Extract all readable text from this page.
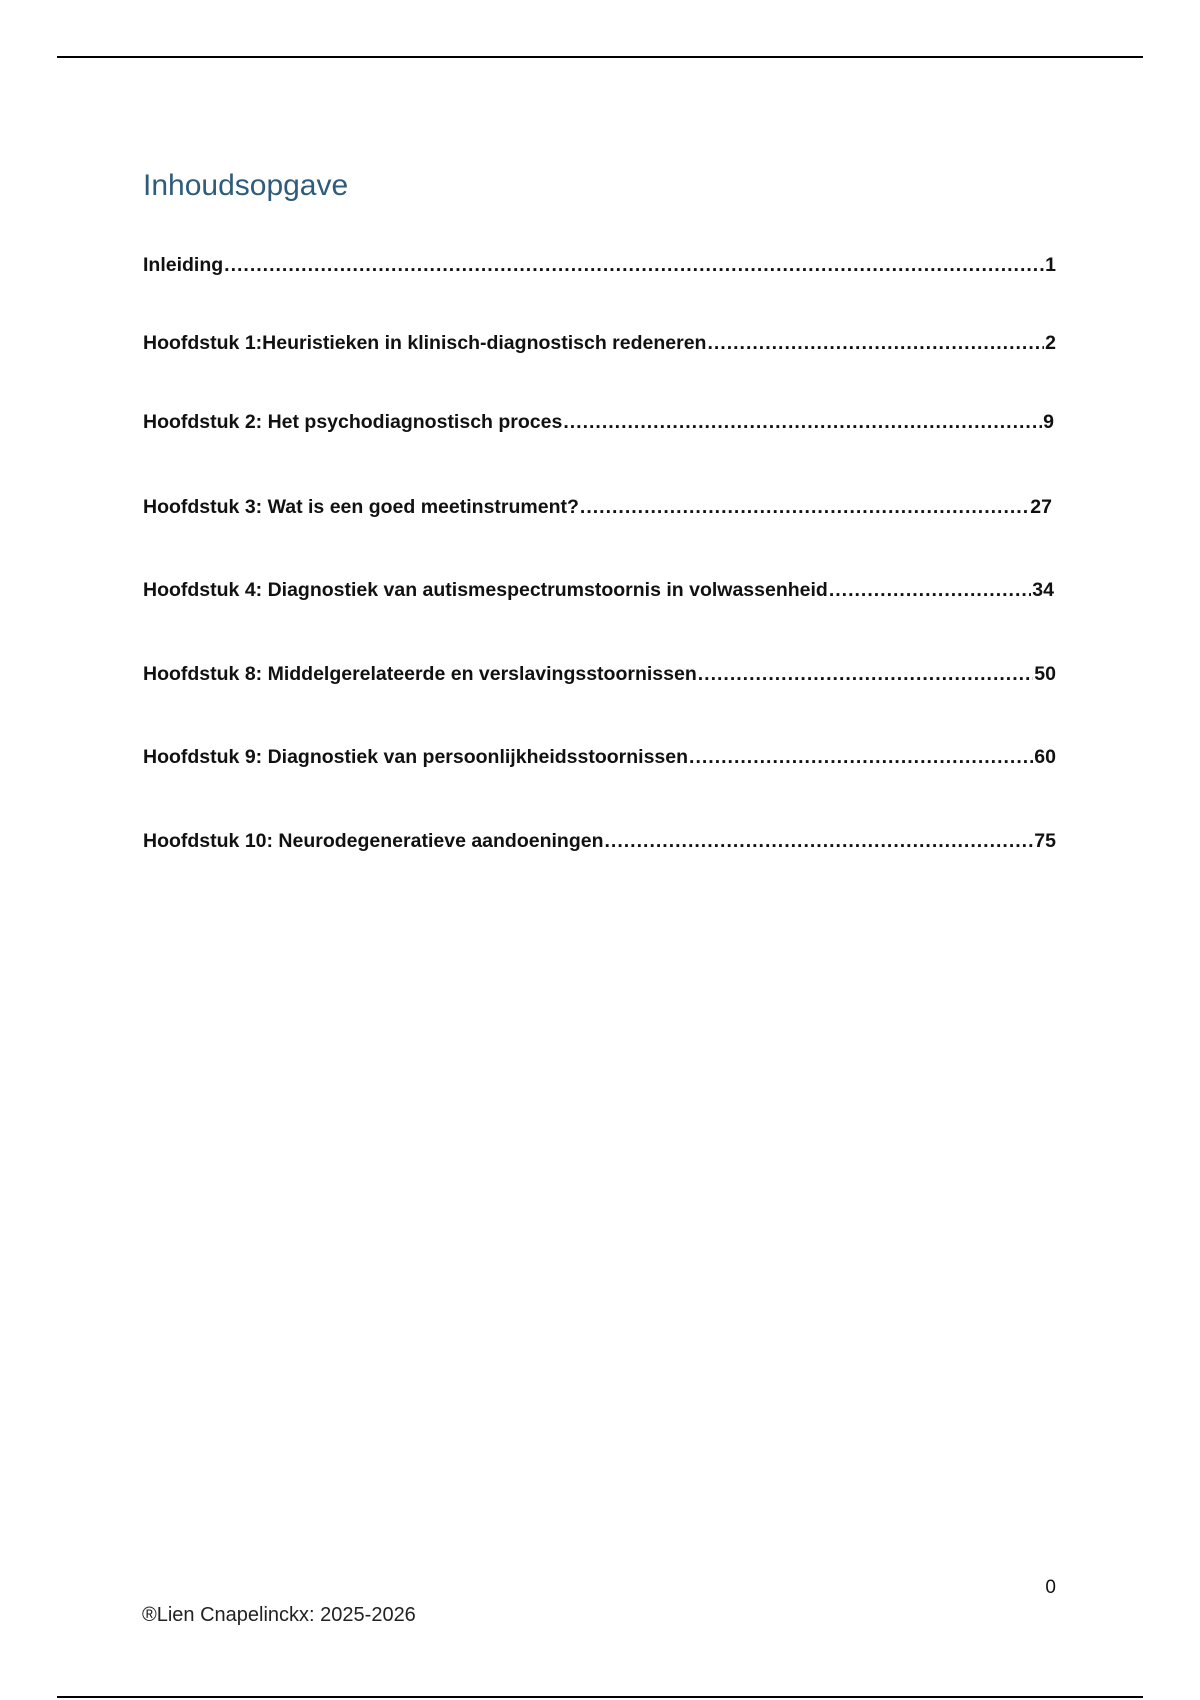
Inhoudsopgave
Inleiding .....	1
Hoofdstuk 1:Heuristieken in klinisch-diagnostisch redeneren .....	2
Hoofdstuk 2: Het psychodiagnostisch proces .....	9
Hoofdstuk 3: Wat is een goed meetinstrument? .....	27
Hoofdstuk 4: Diagnostiek van autismespectrumstoornis in volwassenheid .....	34
Hoofdstuk 8: Middelgerelateerde en verslavingsstoornissen .....	50
Hoofdstuk 9: Diagnostiek van persoonlijkheidsstoornissen .....	60
Hoofdstuk 10: Neurodegeneratieve aandoeningen .....	75
0
®Lien Cnapelinckx: 2025-2026
